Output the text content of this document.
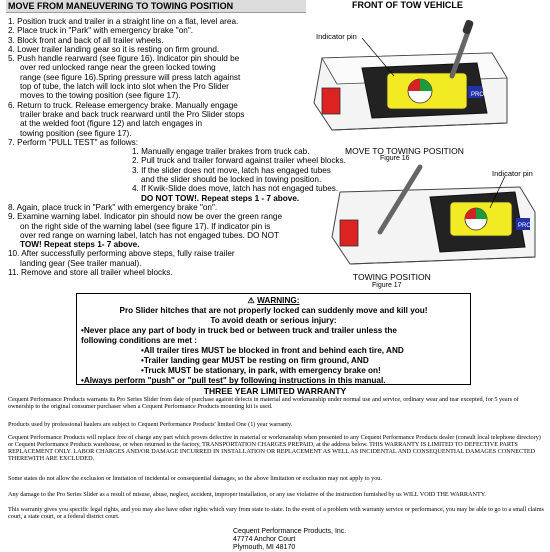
MOVE FROM MANEUVERING TO TOWING POSITION	FRONT OF TOW VEHICLE
1. Position truck and trailer in a straight line on a flat, level area.
2. Place truck in "Park" with emergency brake "on".
3. Block front and back of all trailer wheels.
4. Lower trailer landing gear so it is resting on firm ground.
5. Push handle rearward (see figure 16). Indicator pin should be
over red unlocked range near the green locked towing
range (see figure 16).Spring pressure will press latch against
top of tube, the latch will lock into slot when the Pro Slider
moves to the towing position (see figure 17).
6. Return to truck. Release emergency brake. Manually engage
trailer brake and back truck rearward until the Pro Slider stops
at the welded foot (figure 12) and latch engages in
towing position (see figure 17).
7. Perform "PULL TEST" as follows:
1. Manually engage trailer brakes from truck cab.
2. Pull truck and trailer forward against trailer wheel blocks.
3. If the slider does not move, latch has engaged tubes
and the slider should be locked in towing position.
4. If Kwik-Slide does move, latch has not engaged tubes.
DO NOT TOW!. Repeat steps 1 - 7 above.
8. Again, place truck in "Park" with emergency brake "on".
9. Examine warning label. Indicator pin should now be over the green range
on the right side of the warning label (see figure 17). If indicator pin is
over red range on warning label, latch has not engaged tubes. DO NOT
TOW! Repeat steps 1- 7 above.
10. After successfully performing above steps, fully raise trailer
landing gear (See trailer manual).
11. Remove and store all trailer wheel blocks.
PRO
Indicator pin
MOVE TO TOWING POSITION
Figure 16
PRO
Indicator pin
TOWING POSITION
Figure 17
⚠ WARNING:
Pro Slider hitches that are not properly locked can suddenly move and kill you!
To avoid death or serious injury:
•Never place any part of body in truck bed or between truck and trailer unless the
following conditions are met :
•All trailer tires MUST be blocked in front and behind each tire, AND
•Trailer landing gear MUST be resting on firm ground, AND
•Truck MUST be stationary, in park, with emergency brake on!
•Always perform "push" or "pull test" by following instructions in this manual.
THREE YEAR LIMITED WARRANTY
Cequent Performance Products warrants its Pro Series Slider from date of purchase against defects in material and workmanship under normal use and service, ordinary wear and tear excepted, for 5 years of ownership to the original consumer purchaser when a Cequent Performance Products mounting kit is used.
Products used by professional haulers are subject to Cequent Performance Products' limited One (1) year warranty.
Cequent Performance Products will replace free of charge any part which proves defective in material or workmanship when presented to any Cequent Performance Products dealer (consult local telephone directory) or Cequent Performance Products warehouse, or when returned to the factory, TRANSPORTATION CHARGES PREPAID, at the address below. THIS WARRANTY IS LIMITED TO DEFECTIVE PARTS REPLACEMENT ONLY. LABOR CHARGES AND/OR DAMAGE INCURRED IN INSTALLATION OR REPLACEMENT AS WELL AS INCIDENTAL AND CONSEQUENTIAL DAMAGES CONNECTED THEREWITH ARE EXCLUDED.
Some states do not allow the exclusion or limitation of incidental or consequential damages, so the above limitation or exclusion may not apply to you.
Any damage to the Pro Series Slider as a result of misuse, abuse, neglect, accident, improper installation, or any use violative of the instruction furnished by us WILL VOID THE WARRANTY.
This warranty gives you specific legal rights, and you may also have other rights which vary from state to state. In the event of a problem with warranty service or performance, you may be able to go to a small claims court, a state court, or a federal district court.
Cequent Performance Products, Inc.
47774 Anchor Court
Plymouth, MI 48170
